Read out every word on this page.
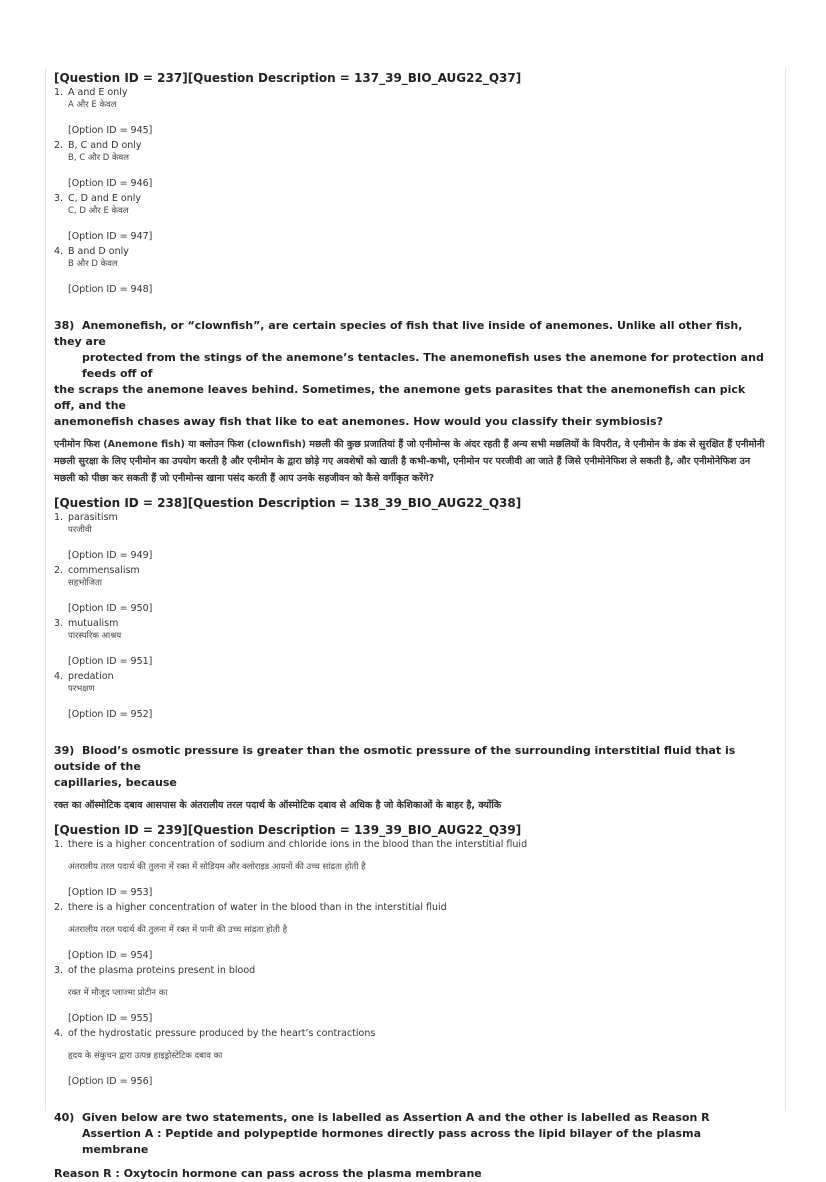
[Question ID = 237][Question Description = 137_39_BIO_AUG22_Q37]

1. A and E only
A और E केवल
[Option ID = 945]
2. B, C and D only
B, C और D केवल
[Option ID = 946]
3. C, D and E only
C, D और E केवल
[Option ID = 947]
4. B and D only
B और D केवल
[Option ID = 948]
38) Anemonefish, or “clownfish”, are certain species of fish that live inside of anemones. Unlike all other fish, they are
protected from the stings of the anemone’s tentacles. The anemonefish uses the anemone for protection and feeds off of
the scraps the anemone leaves behind. Sometimes, the anemone gets parasites that the anemonefish can pick off, and the
anemonefish chases away fish that like to eat anemones. How would you classify their symbiosis?
एनीमोन फिश (Anemone fish) या क्लोउन फिश (clownfish) मछली की कुछ प्रजातियां हैं जो एनीमोन्स के अंदर रहती हैं अन्य सभी मछलियों के विपरीत, वे एनीमोन के डंक से सुरक्षित हैं एनीमोनी मछली सुरक्षा के लिए एनीमोन का उपयोग करती है और एनीमोन के द्वारा छोड़े गए अवशेषों को खाती है कभी-कभी, एनीमोन पर परजीवी आ जाते हैं जिसे एनीमोनेफिश ले सकती है, और एनीमोनेफिश उन मछली को पीछा कर सकती हैं जो एनीमोन्स खाना पसंद करती हैं आप उनके सहजीवन को कैसे वर्गीकृत करेंगे?

[Question ID = 238][Question Description = 138_39_BIO_AUG22_Q38]

1. parasitism
परजीवी
[Option ID = 949]
2. commensalism
सहभोजिता
[Option ID = 950]
3. mutualism
पारस्परिक आश्रय
[Option ID = 951]
4. predation
परभक्षण
[Option ID = 952]
39) Blood’s osmotic pressure is greater than the osmotic pressure of the surrounding interstitial fluid that is outside of the
capillaries, because
रक्त का ऑस्मोटिक दबाव आसपास के अंतरालीय तरल पदार्थ के ऑस्मोटिक दबाव से अधिक है जो केशिकाओं के बाहर है, क्योंकि

[Question ID = 239][Question Description = 139_39_BIO_AUG22_Q39]

1. there is a higher concentration of sodium and chloride ions in the blood than the interstitial fluid
अंतरालीय तरल पदार्थ की तुलना में रक्त में सोडियम और क्लोराइड आयनों की उच्च सांद्रता होती है
[Option ID = 953]
2. there is a higher concentration of water in the blood than in the interstitial fluid
अंतरालीय तरल पदार्थ की तुलना में रक्त में पानी की उच्च सांद्रता होती है
[Option ID = 954]
3. of the plasma proteins present in blood
रक्त में मौजूद प्लाज्मा प्रोटीन का
[Option ID = 955]
4. of the hydrostatic pressure produced by the heart’s contractions
हृदय के संकुचन द्वारा उत्पन्न हाइड्रोस्टेटिक दबाव का
[Option ID = 956]
40) Given below are two statements, one is labelled as Assertion A and the other is labelled as Reason R
Assertion A : Peptide and polypeptide hormones directly pass across the lipid bilayer of the plasma membrane
Reason R : Oxytocin hormone can pass across the plasma membrane
